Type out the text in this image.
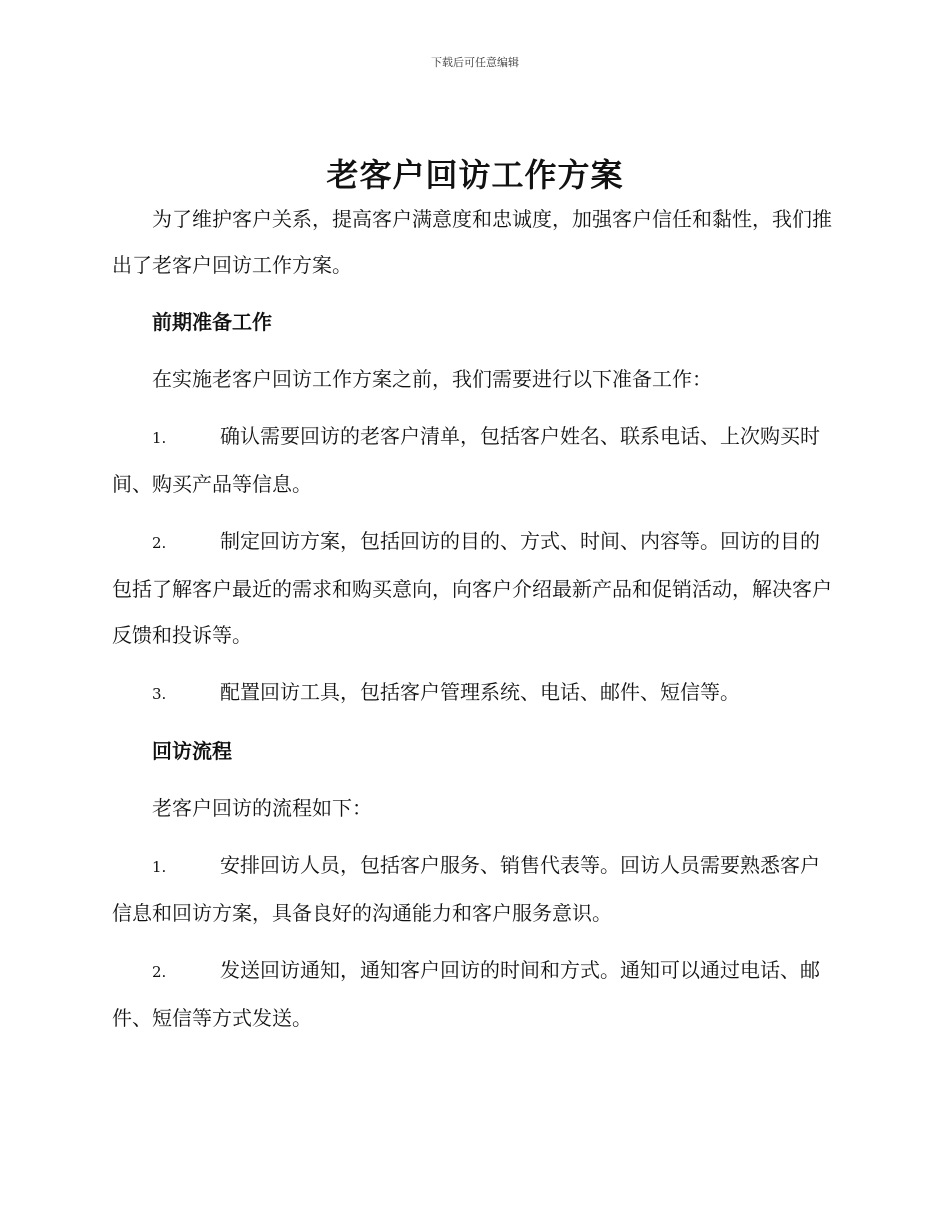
下载后可任意编辑
老客户回访工作方案

为了维护客户关系，提高客户满意度和忠诚度，加强客户信任和黏性，我们推出了老客户回访工作方案。

前期准备工作

在实施老客户回访工作方案之前，我们需要进行以下准备工作：

1.	确认需要回访的老客户清单，包括客户姓名、联系电话、上次购买时间、购买产品等信息。

2.	制定回访方案，包括回访的目的、方式、时间、内容等。回访的目的包括了解客户最近的需求和购买意向，向客户介绍最新产品和促销活动，解决客户反馈和投诉等。

3.	配置回访工具，包括客户管理系统、电话、邮件、短信等。

回访流程

老客户回访的流程如下：

1.	安排回访人员，包括客户服务、销售代表等。回访人员需要熟悉客户信息和回访方案，具备良好的沟通能力和客户服务意识。

2.	发送回访通知，通知客户回访的时间和方式。通知可以通过电话、邮件、短信等方式发送。
